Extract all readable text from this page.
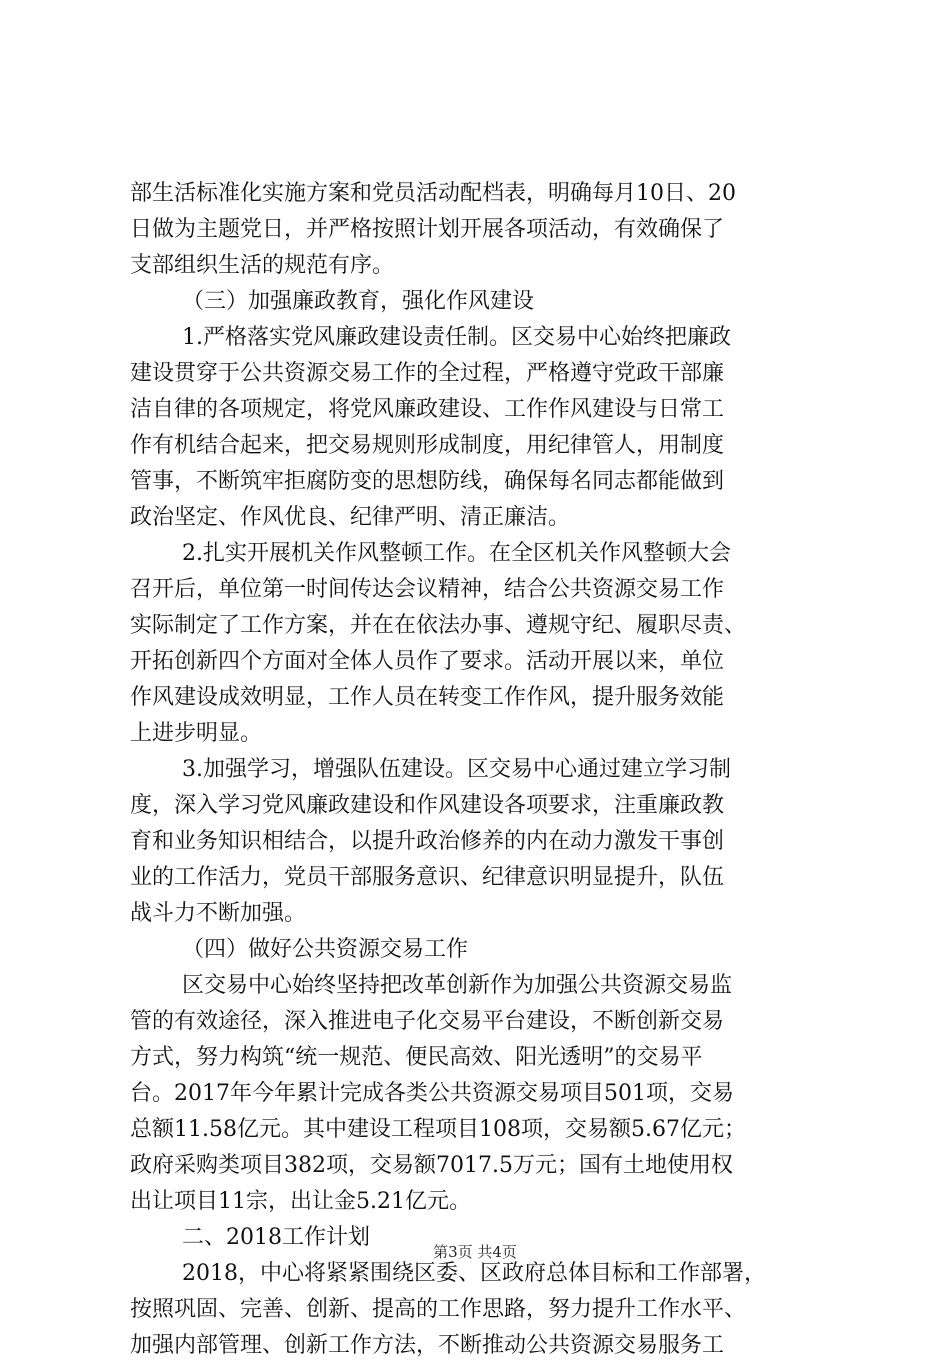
部生活标准化实施方案和党员活动配档表，明确每月10日、20
日做为主题党日，并严格按照计划开展各项活动，有效确保了
支部组织生活的规范有序。
（三）加强廉政教育，强化作风建设
1.严格落实党风廉政建设责任制。区交易中心始终把廉政
建设贯穿于公共资源交易工作的全过程，严格遵守党政干部廉
洁自律的各项规定，将党风廉政建设、工作作风建设与日常工
作有机结合起来，把交易规则形成制度，用纪律管人，用制度
管事，不断筑牢拒腐防变的思想防线，确保每名同志都能做到
政治坚定、作风优良、纪律严明、清正廉洁。
2.扎实开展机关作风整顿工作。在全区机关作风整顿大会
召开后，单位第一时间传达会议精神，结合公共资源交易工作
实际制定了工作方案，并在在依法办事、遵规守纪、履职尽责、
开拓创新四个方面对全体人员作了要求。活动开展以来，单位
作风建设成效明显，工作人员在转变工作作风，提升服务效能
上进步明显。
3.加强学习，增强队伍建设。区交易中心通过建立学习制
度，深入学习党风廉政建设和作风建设各项要求，注重廉政教
育和业务知识相结合，以提升政治修养的内在动力激发干事创
业的工作活力，党员干部服务意识、纪律意识明显提升，队伍
战斗力不断加强。
（四）做好公共资源交易工作
区交易中心始终坚持把改革创新作为加强公共资源交易监
管的有效途径，深入推进电子化交易平台建设，不断创新交易
方式，努力构筑“统一规范、便民高效、阳光透明”的交易平
台。2017年今年累计完成各类公共资源交易项目501项，交易
总额11.58亿元。其中建设工程项目108项，交易额5.67亿元；
政府采购类项目382项，交易额7017.5万元；国有土地使用权
出让项目11宗，出让金5.21亿元。
二、2018工作计划
2018，中心将紧紧围绕区委、区政府总体目标和工作部署，
按照巩固、完善、创新、提高的工作思路，努力提升工作水平、
加强内部管理、创新工作方法，不断推动公共资源交易服务工
第3页 共4页
